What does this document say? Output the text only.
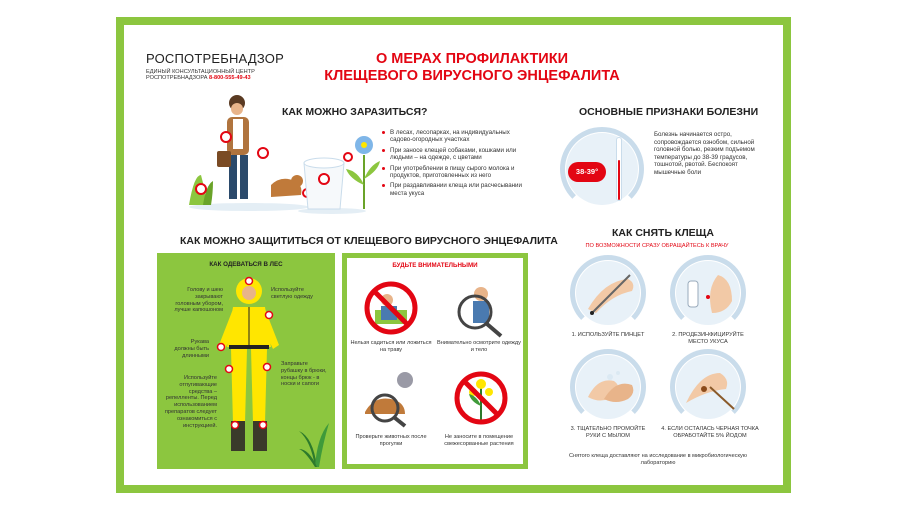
РОСПОТРЕБНАДЗОР
ЕДИНЫЙ КОНСУЛЬТАЦИОННЫЙ ЦЕНТР
РОСПОТРЕБНАДЗОРА 8-800-555-49-43
О МЕРАХ ПРОФИЛАКТИКИ
КЛЕЩЕВОГО ВИРУСНОГО ЭНЦЕФАЛИТА
КАК МОЖНО ЗАРАЗИТЬСЯ?
В лесах, лесопарках, на индивидуальных садово-огородных участках
При заносе клещей собаками, кошками или людьми – на одежде, с цветами
При употреблении в пищу сырого молока и продуктов, приготовленных из него
При раздавливании клеща или расчесывании места укуса
ОСНОВНЫЕ ПРИЗНАКИ БОЛЕЗНИ
38-39°
Болезнь начинается остро, сопровождается ознобом, сильной головной болью, резким подъемом температуры до 38-39 градусов, тошнотой, рвотой. Беспокоят мышечные боли
КАК МОЖНО ЗАЩИТИТЬСЯ ОТ КЛЕЩЕВОГО ВИРУСНОГО ЭНЦЕФАЛИТА
КАК ОДЕВАТЬСЯ В ЛЕС
Голову и шею закрывают головным убором, лучше капюшоном
Используйте светлую одежду
Рукава должны быть длинными
Используйте отпугивающие средства – репелленты. Перед использованием препаратов следует ознакомиться с инструкцией.
Заправьте рубашку в брюки, концы брюк - в носки и сапоги
БУДЬТЕ ВНИМАТЕЛЬНЫМИ
Нельзя садиться или ложиться на траву
Внимательно осмотрите одежду и тело
Проверьте животных после прогулки
Не заносите в помещение свежесорванные растения
КАК СНЯТЬ КЛЕЩА
ПО ВОЗМОЖНОСТИ СРАЗУ ОБРАЩАЙТЕСЬ К ВРАЧУ
1. ИСПОЛЬЗУЙТЕ ПИНЦЕТ	2. ПРОДЕЗИНФИЦИРУЙТЕ МЕСТО УКУСА
3. ТЩАТЕЛЬНО ПРОМОЙТЕ РУКИ С МЫЛОМ
4. ЕСЛИ ОСТАЛАСЬ ЧЕРНАЯ ТОЧКА ОБРАБОТАЙТЕ 5% ЙОДОМ
Снятого клеща доставляют на исследование в микробиологическую лабораторию
